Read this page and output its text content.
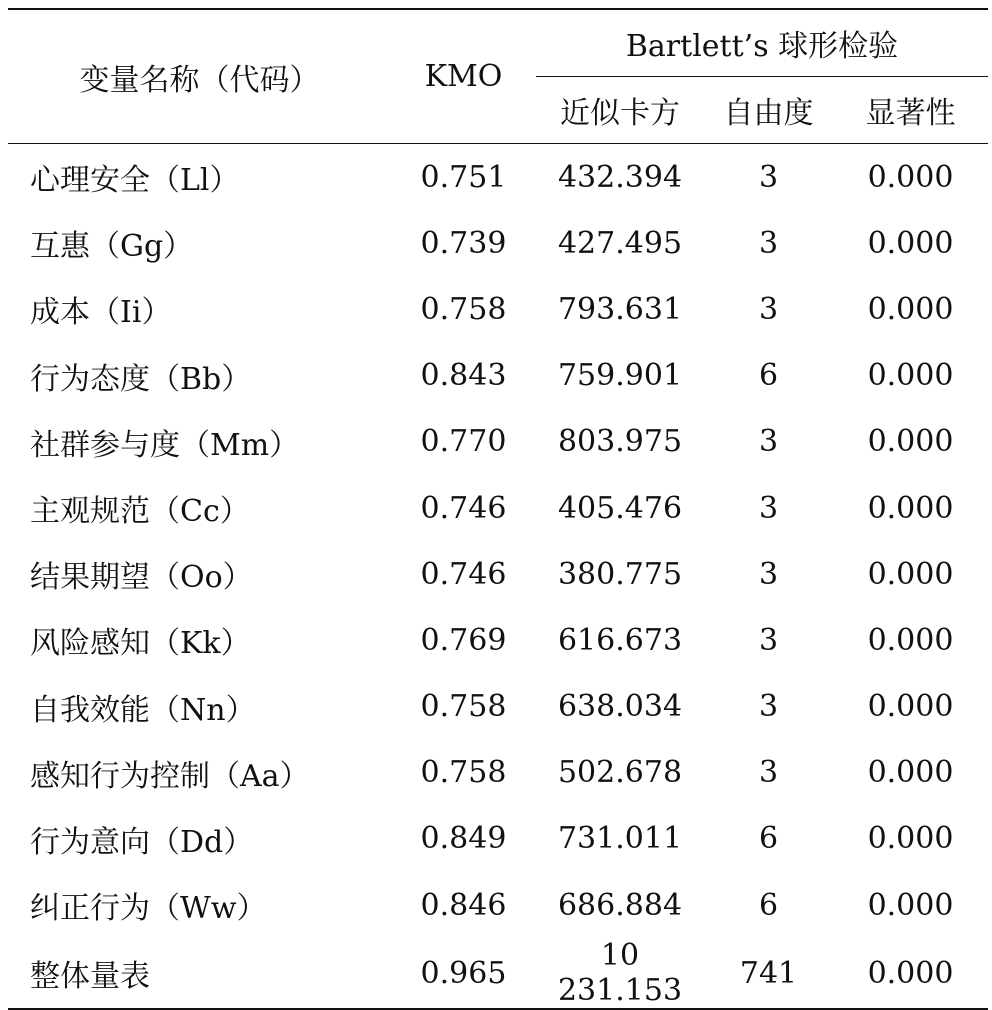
变量名称（代码）	KMO	Bartlett’s 球形检验		
		近似卡方	自由度	显著性
心理安全（Ll）	0.751	432.394	3	0.000
互惠（Gg）	0.739	427.495	3	0.000
成本（Ii）	0.758	793.631	3	0.000
行为态度（Bb）	0.843	759.901	6	0.000
社群参与度（Mm）	0.770	803.975	3	0.000
主观规范（Cc）	0.746	405.476	3	0.000
结果期望（Oo）	0.746	380.775	3	0.000
风险感知（Kk）	0.769	616.673	3	0.000
自我效能（Nn）	0.758	638.034	3	0.000
感知行为控制（Aa）	0.758	502.678	3	0.000
行为意向（Dd）	0.849	731.011	6	0.000
纠正行为（Ww）	0.846	686.884	6	0.000
整体量表	0.965	10 231.153	741	0.000
